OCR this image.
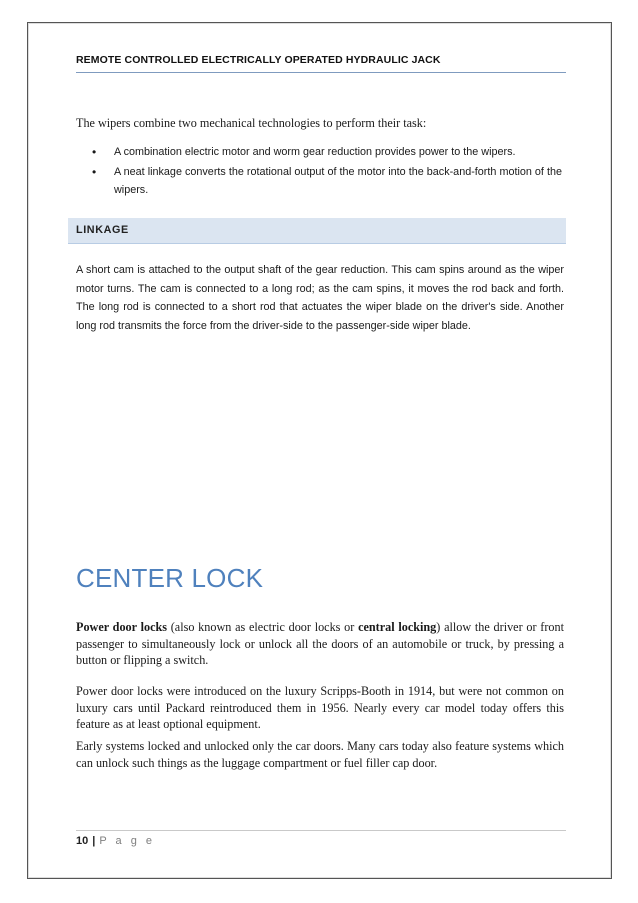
REMOTE CONTROLLED ELECTRICALLY OPERATED HYDRAULIC JACK
The wipers combine two mechanical technologies to perform their task:
• A combination electric motor and worm gear reduction provides power to the wipers.
• A neat linkage converts the rotational output of the motor into the back-and-forth motion of the wipers.
LINKAGE
A short cam is attached to the output shaft of the gear reduction. This cam spins around as the wiper motor turns. The cam is connected to a long rod; as the cam spins, it moves the rod back and forth. The long rod is connected to a short rod that actuates the wiper blade on the driver's side. Another long rod transmits the force from the driver-side to the passenger-side wiper blade.
CENTER LOCK
Power door locks (also known as electric door locks or central locking) allow the driver or front passenger to simultaneously lock or unlock all the doors of an automobile or truck, by pressing a button or flipping a switch.
Power door locks were introduced on the luxury Scripps-Booth in 1914, but were not common on luxury cars until Packard reintroduced them in 1956. Nearly every car model today offers this feature as at least optional equipment.
Early systems locked and unlocked only the car doors. Many cars today also feature systems which can unlock such things as the luggage compartment or fuel filler cap door.
10 | P a g e
